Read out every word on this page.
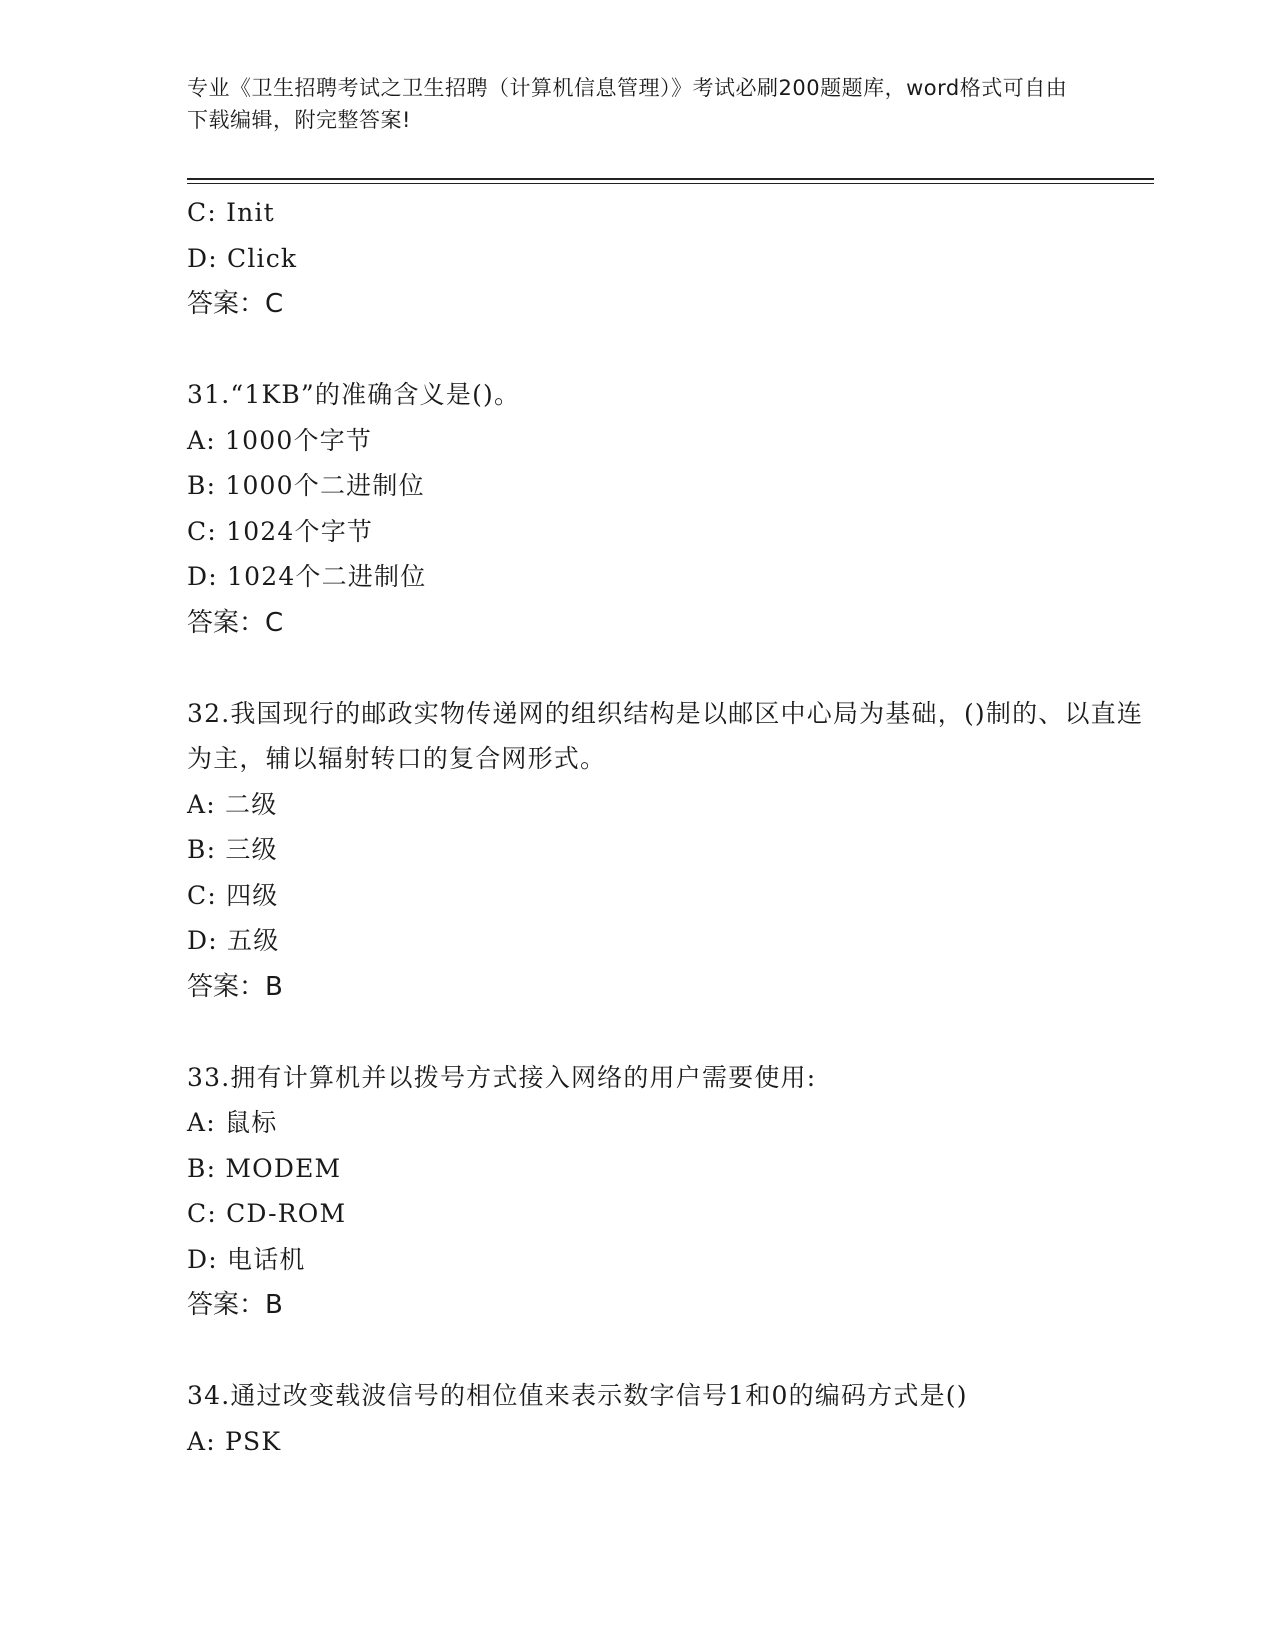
专业《卫生招聘考试之卫生招聘（计算机信息管理）》考试必刷200题题库，word格式可自由下载编辑，附完整答案!
C: Init
D: Click
答案：C
31.“1KB”的准确含义是()。
A: 1000个字节
B: 1000个二进制位
C: 1024个字节
D: 1024个二进制位
答案：C
32.我国现行的邮政实物传递网的组织结构是以邮区中心局为基础，()制的、以直连为主，辅以辐射转口的复合网形式。
A: 二级
B: 三级
C: 四级
D: 五级
答案：B
33.拥有计算机并以拨号方式接入网络的用户需要使用:
A: 鼠标
B: MODEM
C: CD-ROM
D: 电话机
答案：B
34.通过改变载波信号的相位值来表示数字信号1和0的编码方式是()
A: PSK
